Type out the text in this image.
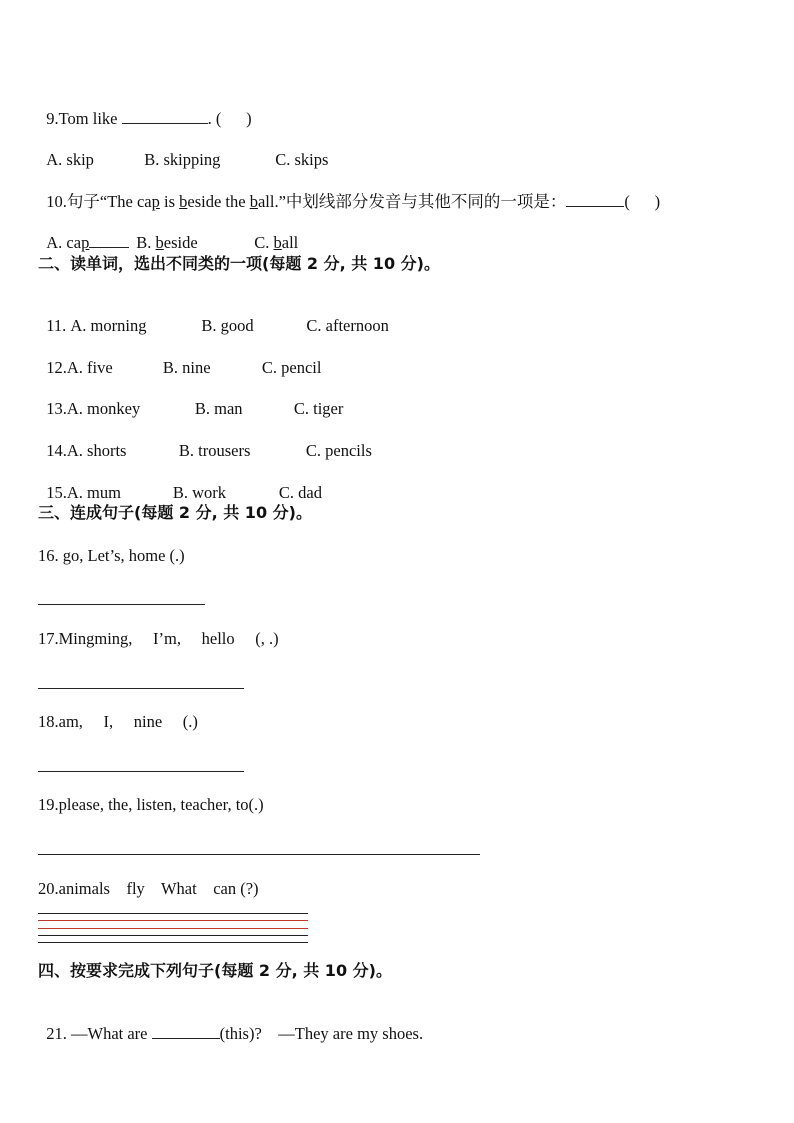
9.Tom like	. (      )

A. skip	B. skipping	C. skips

10.句子“The cap is beside the ball.”中划线部分发音与其他不同的一项是：	(      )

A. cap	B. beside	C. ball

二、读单词，选出不同类的一项(每题 2 分, 共 10 分)。

11. A. morning	B. good	C. afternoon

12.A. five	B. nine	C. pencil

13.A. monkey	B. man	C. tiger

14.A. shorts	B. trousers	C. pencils

15.A. mum	B. work	C. dad

三、连成句子(每题 2 分, 共 10 分)。
16. go, Let’s, home (.)
17.Mingming,     I’m,     hello     (, .)
18.am,     I,     nine     (.)
19.please, the, listen, teacher, to(.)
20.animals    fly    What    can (?)
四、按要求完成下列句子(每题 2 分, 共 10 分)。

21. —What are	(this)?    —They are my shoes.
